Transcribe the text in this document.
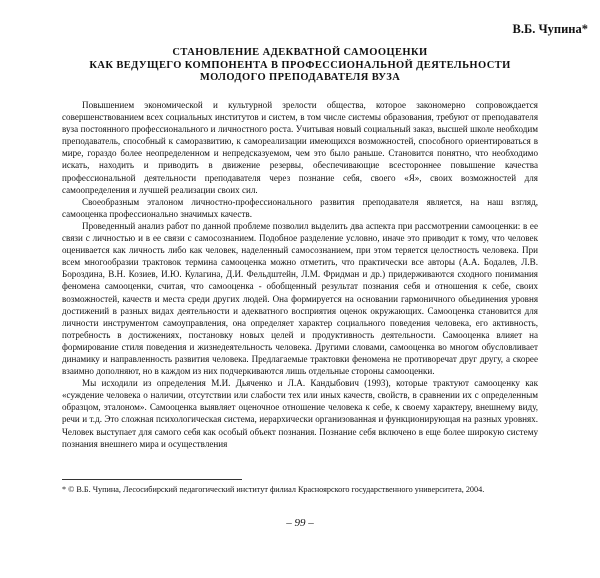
В.Б. Чупина*
СТАНОВЛЕНИЕ АДЕКВАТНОЙ САМООЦЕНКИ
КАК ВЕДУЩЕГО КОМПОНЕНТА В ПРОФЕССИОНАЛЬНОЙ ДЕЯТЕЛЬНОСТИ
МОЛОДОГО ПРЕПОДАВАТЕЛЯ ВУЗА

Повышением экономической и культурной зрелости общества, которое закономерно сопровождается совершенствованием всех социальных институтов и систем, в том числе системы образования, требуют от преподавателя вуза постоянного профессионального и личностного роста. Учитывая новый социальный заказ, высшей школе необходим преподаватель, способный к саморазвитию, к самореализации имеющихся возможностей, способного ориентироваться в мире, гораздо более неопределенном и непредсказуемом, чем это было раньше. Становится понятно, что необходимо искать, находить и приводить в движение резервы, обеспечивающие всестороннее повышение качества профессиональной деятельности преподавателя через познание себя, своего «Я», своих возможностей для самоопределения и лучшей реализации своих сил.

Своеобразным эталоном личностно-профессионального развития преподавателя является, на наш взгляд, самооценка профессионально значимых качеств.

Проведенный анализ работ по данной проблеме позволил выделить два аспекта при рассмотрении самооценки: в ее связи с личностью и в ее связи с самосознанием. Подобное разделение условно, иначе это приводит к тому, что человек оценивается как личность либо как человек, наделенный самосознанием, при этом теряется целостность человека. При всем многообразии трактовок термина самооценка можно отметить, что практически все авторы (А.А. Бодалев, Л.В. Бороздина, В.Н. Козиев, И.Ю. Кулагина, Д.И. Фельдштейн, Л.М. Фридман и др.) придерживаются сходного понимания феномена самооценки, считая, что самооценка - обобщенный результат познания себя и отношения к себе, своих возможностей, качеств и места среди других людей. Она формируется на основании гармоничного обьединения уровня достижений в разных видах деятельности и адекватного восприятия оценок окружающих. Самооценка становится для личности инструментом самоуправления, она определяет характер социального поведения человека, его активность, потребность в достижениях, постановку новых целей и продуктивность деятельности. Самооценка влияет на формирование стиля поведения и жизнедеятельность человека. Другими словами, самооценка во многом обусловливает динамику и направленность развития человека. Предлагаемые трактовки феномена не противоречат друг другу, а скорее взаимно дополняют, но в каждом из них подчеркиваются лишь отдельные стороны самооценки.

Мы исходили из определения М.И. Дьяченко и Л.А. Кандыбович (1993), которые трактуют самооценку как «суждение человека о наличии, отсутствии или слабости тех или иных качеств, свойств, в сравнении их с определенным образцом, эталоном». Самооценка выявляет оценочное отношение человека к себе, к своему характеру, внешнему виду, речи и т.д. Это сложная психологическая система, иерархически организованная и функционирующая на разных уровнях. Человек выступает для самого себя как особый объект познания. Познание себя включено в еще более широкую систему познания внешнего мира и осуществления

* © В.Б. Чупина, Лесосибирский педагогический институт филиал Красноярского государственного университета, 2004.
– 99 –
